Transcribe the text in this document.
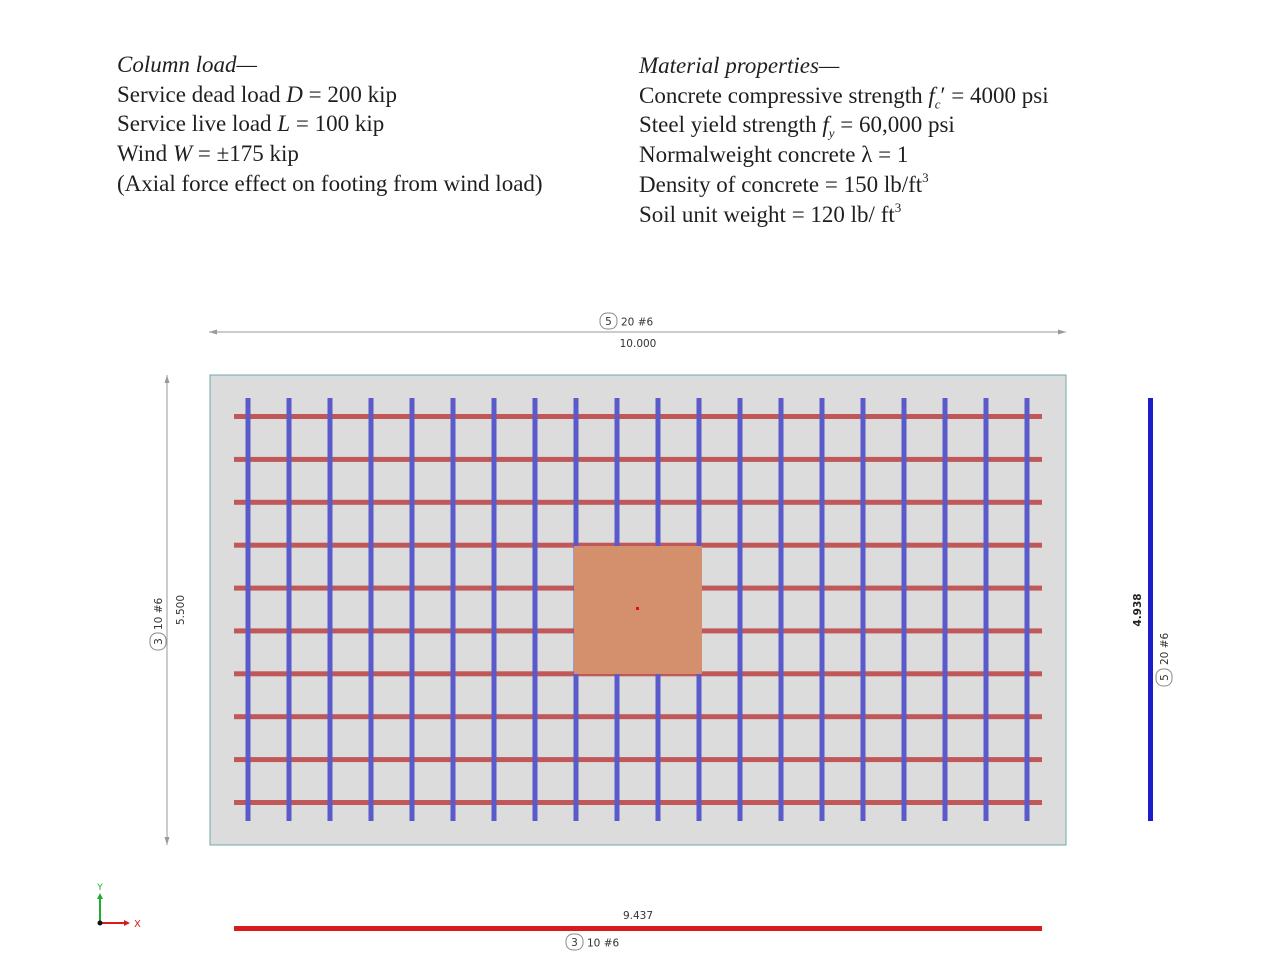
Column load—
Service dead load D = 200 kip
Service live load L = 100 kip
Wind W = ±175 kip
(Axial force effect on footing from wind load)
Material properties—
Concrete compressive strength $f_c' = 4000$ psi
Steel yield strength $f_y = 60,000$ psi
Normalweight concrete λ = 1
Density of concrete = 150 $lb/ft^3$
Soil unit weight = 120 lb/ $ft^3$
5 20 #6
10.000
5.500
3
10 #6	4.938
5
20 #6
9.437
3 10 #6
Y
X
